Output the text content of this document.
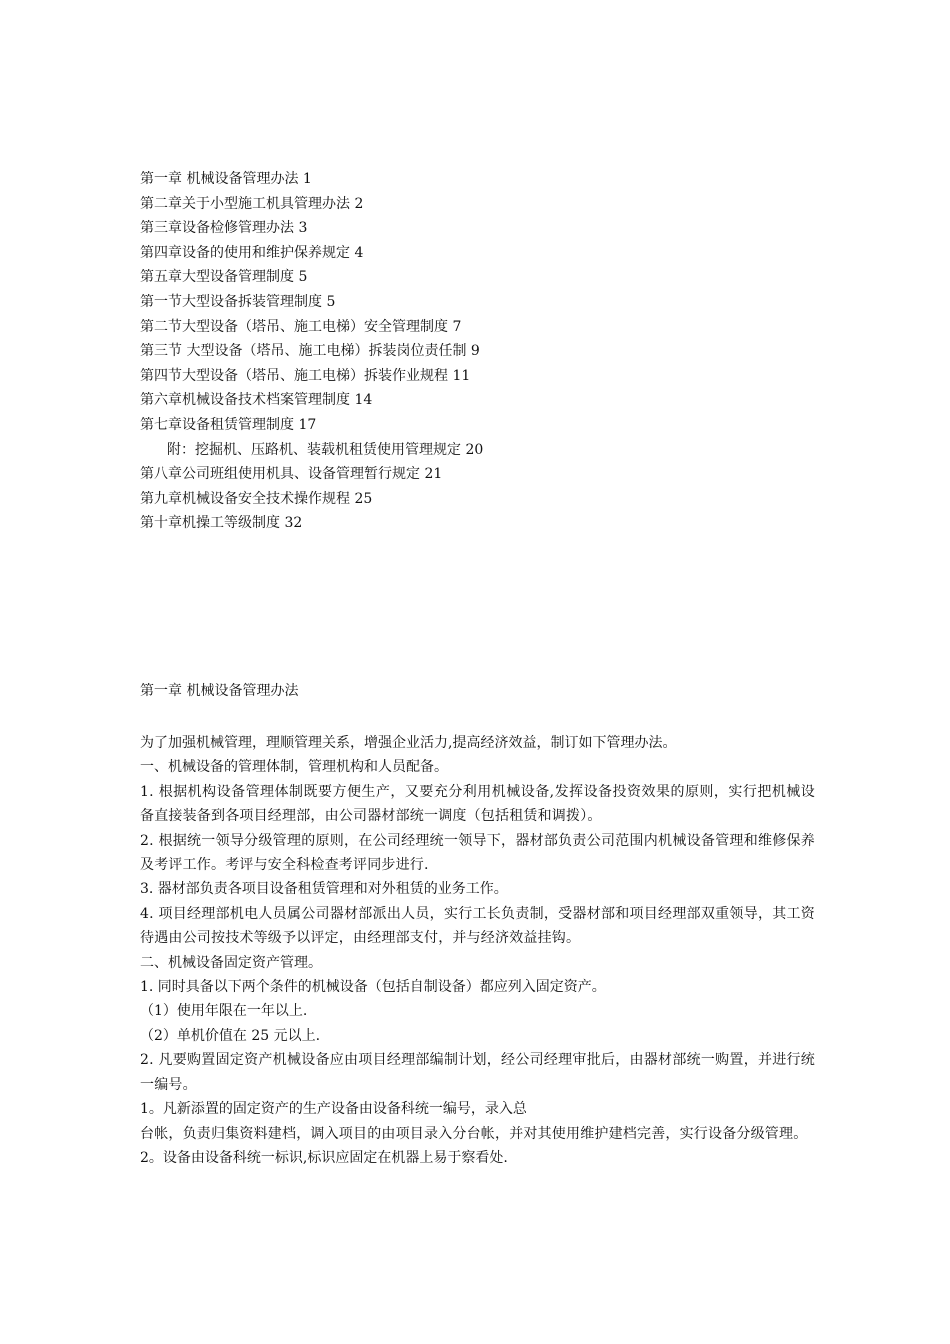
第一章 机械设备管理办法 1
第二章关于小型施工机具管理办法 2
第三章设备检修管理办法 3
第四章设备的使用和维护保养规定 4
第五章大型设备管理制度 5
第一节大型设备拆装管理制度 5
第二节大型设备（塔吊、施工电梯）安全管理制度 7
第三节 大型设备（塔吊、施工电梯）拆装岗位责任制 9
第四节大型设备（塔吊、施工电梯）拆装作业规程 11
第六章机械设备技术档案管理制度 14
第七章设备租赁管理制度 17
附：挖掘机、压路机、装载机租赁使用管理规定 20
第八章公司班组使用机具、设备管理暂行规定 21
第九章机械设备安全技术操作规程 25
第十章机操工等级制度 32
第一章 机械设备管理办法

为了加强机械管理，理顺管理关系，增强企业活力,提高经济效益，制订如下管理办法。

一、机械设备的管理体制，管理机构和人员配备。

1. 根据机构设备管理体制既要方便生产，又要充分利用机械设备,发挥设备投资效果的原则，实行把机械设备直接装备到各项目经理部，由公司器材部统一调度（包括租赁和调拨）。

2. 根据统一领导分级管理的原则，在公司经理统一领导下，器材部负责公司范围内机械设备管理和维修保养及考评工作。考评与安全科检查考评同步进行.

3. 器材部负责各项目设备租赁管理和对外租赁的业务工作。

4. 项目经理部机电人员属公司器材部派出人员，实行工长负责制，受器材部和项目经理部双重领导，其工资待遇由公司按技术等级予以评定，由经理部支付，并与经济效益挂钩。

二、机械设备固定资产管理。

1. 同时具备以下两个条件的机械设备（包括自制设备）都应列入固定资产。

（1）使用年限在一年以上.

（2）单机价值在 25 元以上.

2. 凡要购置固定资产机械设备应由项目经理部编制计划，经公司经理审批后，由器材部统一购置，并进行统一编号。

1。凡新添置的固定资产的生产设备由设备科统一编号，录入总

台帐，负责归集资料建档，调入项目的由项目录入分台帐，并对其使用维护建档完善，实行设备分级管理。

2。设备由设备科统一标识,标识应固定在机器上易于察看处.
